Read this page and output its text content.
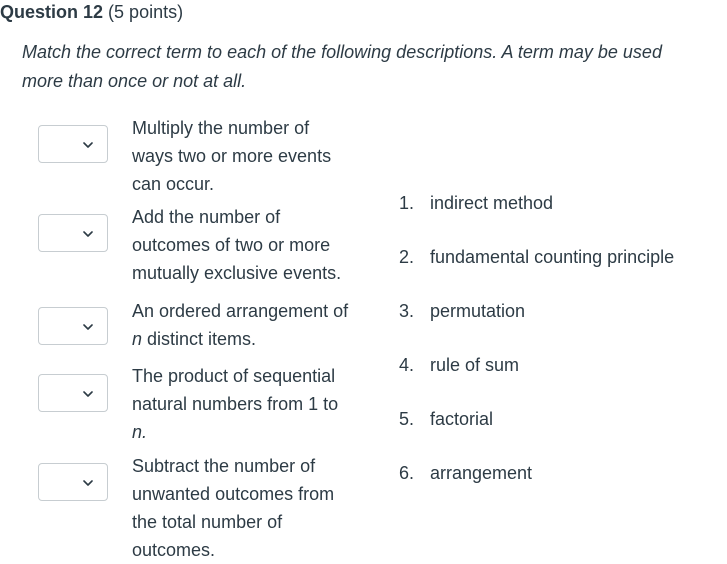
Question 12 (5 points)
Match the correct term to each of the following descriptions. A term may be used
more than once or not at all.
Multiply the number of
ways two or more events
can occur.
Add the number of
outcomes of two or more
mutually exclusive events.
An ordered arrangement of
n distinct items.
The product of sequential
natural numbers from 1 to
n.
Subtract the number of
unwanted outcomes from
the total number of
outcomes.
1. indirect method
2. fundamental counting principle
3. permutation
4. rule of sum
5. factorial
6. arrangement
